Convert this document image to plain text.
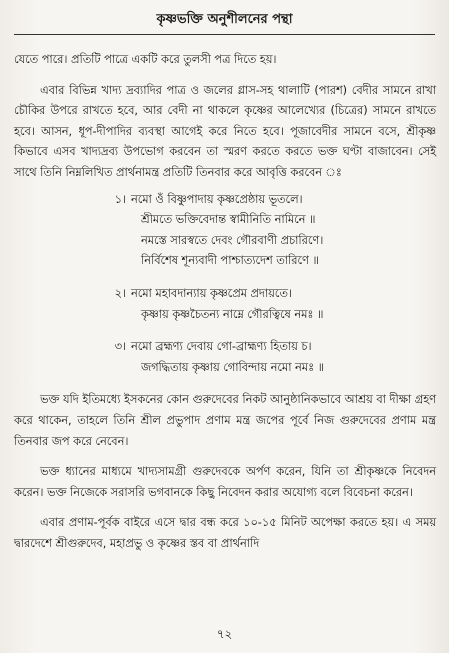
কৃষ্ণভক্তি অনুশীলনের পন্থা

যেতে পারে। প্রতিটি পাত্রে একটি করে তুলসী পত্র দিতে হয়।

এবার বিভিন্ন খাদ্য দ্রব্যাদির পাত্র ও জলের গ্লাস-সহ থালাটি (পারশ) বেদীর সামনে রাখা চৌকির উপরে রাখতে হবে, আর বেদী না থাকলে কৃষ্ণের আলেখ্যের (চিত্রের) সামনে রাখতে হবে। আসন, ধূপ-দীপাদির ব্যবস্থা আগেই করে নিতে হবে। পূজাবেদীর সামনে বসে, শ্রীকৃষ্ণ কিভাবে এসব খাদ্যদ্রব্য উপভোগ করবেন তা স্মরণ করতে করতে ভক্ত ঘণ্টা বাজাবেন। সেই সাথে তিনি নিম্নলিখিত প্রার্থনামন্ত্র প্রতিটি তিনবার করে আবৃত্তি করবেন ঃ

১। নমো ওঁ বিষ্ণুপাদায় কৃষ্ণপ্রেষ্ঠায় ভূতলে।
শ্রীমতে ভক্তিবেদান্ত স্বামীনিতি নামিনে ॥
নমস্তে সারস্বতে দেবং গৌরবাণী প্রচারিণে।
নির্বিশেষ শূন্যবাদী পাশ্চাত্যদেশ তারিণে ॥
২। নমো মহাবদান্যায় কৃষ্ণপ্রেম প্রদায়তে।
কৃষ্ণায় কৃষ্ণচৈতন্য নাম্নে গৌরত্বিষে নমঃ ॥
৩। নমো ব্রহ্মণ্য দেবায় গো-ব্রাহ্মণ্য হিতায় চ।
জগদ্ধিতায় কৃষ্ণায় গোবিন্দায় নমো নমঃ ॥

ভক্ত যদি ইতিমধ্যে ইসকনের কোন গুরুদেবের নিকট আনুষ্ঠানিকভাবে আশ্রয় বা দীক্ষা গ্রহণ করে থাকেন, তাহলে তিনি শ্রীল প্রভুপাদ প্রণাম মন্ত্র জপের পূর্বে নিজ গুরুদেবের প্রণাম মন্ত্র তিনবার জপ করে নেবেন।

ভক্ত ধ্যানের মাধ্যমে খাদ্যসামগ্রী গুরুদেবকে অর্পণ করেন, যিনি তা শ্রীকৃষ্ণকে নিবেদন করেন। ভক্ত নিজেকে সরাসরি ভগবানকে কিছু নিবেদন করার অযোগ্য বলে বিবেচনা করেন।

এবার প্রণাম-পূর্বক বাইরে এসে দ্বার বন্ধ করে ১০-১৫ মিনিট অপেক্ষা করতে হয়। এ সময় দ্বারদেশে শ্রীগুরুদেব, মহাপ্রভু ও কৃষ্ণের স্তব বা প্রার্থনাদি

৭২
